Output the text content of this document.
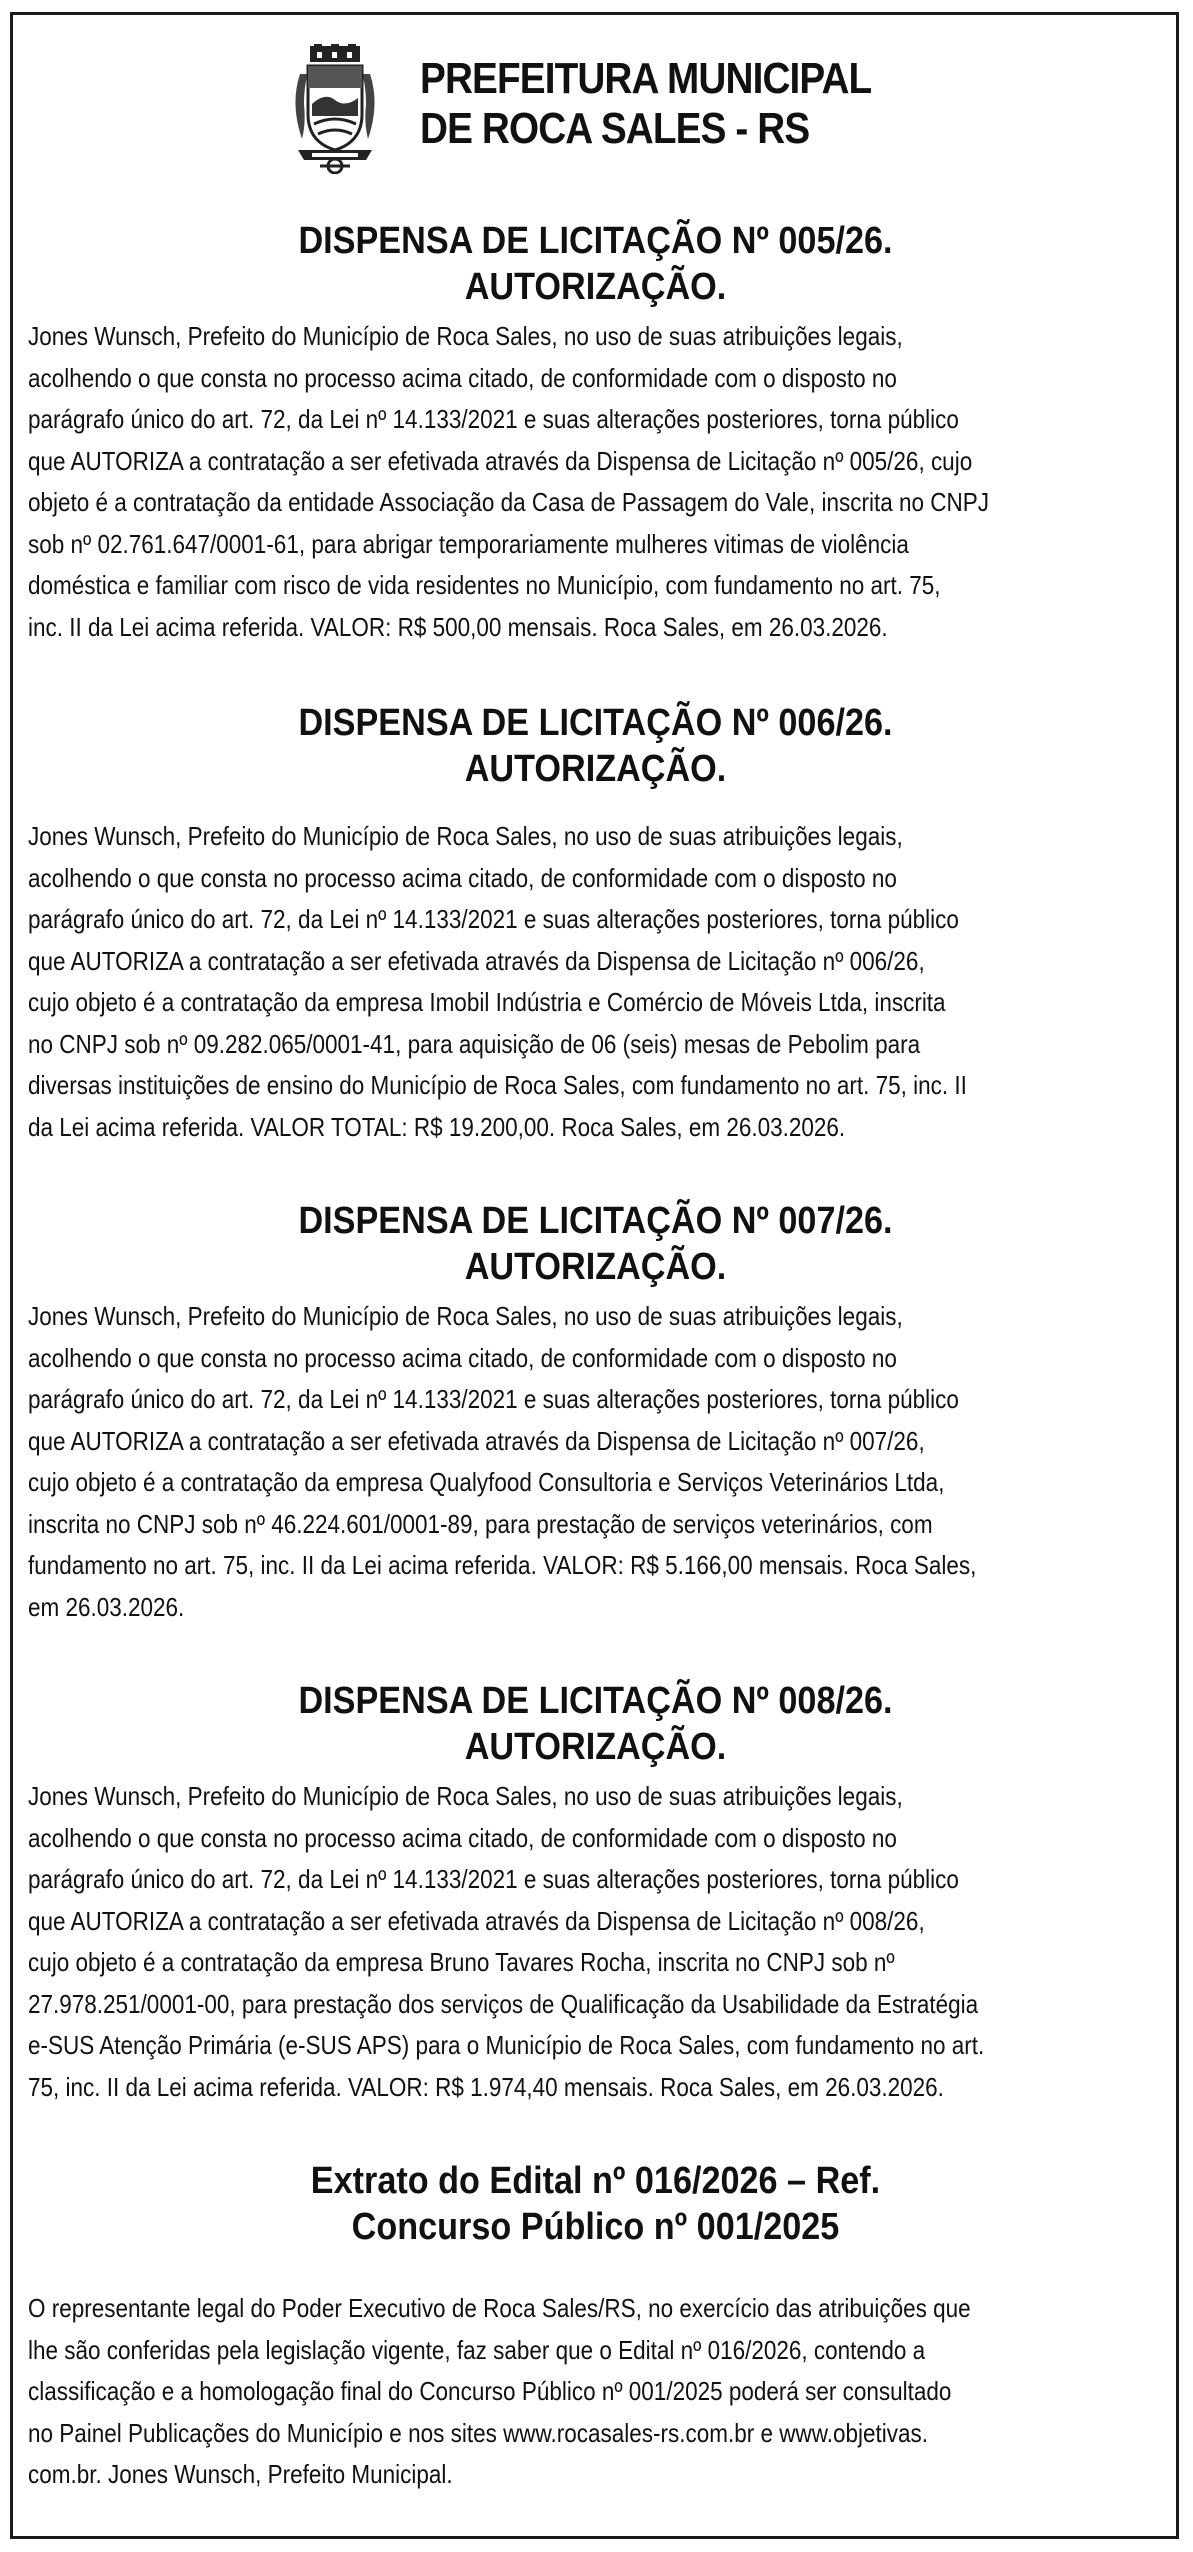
PREFEITURA MUNICIPAL
DE ROCA SALES - RS
DISPENSA DE LICITAÇÃO Nº 005/26.
AUTORIZAÇÃO.
Jones Wunsch, Prefeito do Município de Roca Sales, no uso de suas atribuições legais,
acolhendo o que consta no processo acima citado, de conformidade com o disposto no
parágrafo único do art. 72, da Lei nº 14.133/2021 e suas alterações posteriores, torna público
que AUTORIZA a contratação a ser efetivada através da Dispensa de Licitação nº 005/26, cujo
objeto é a contratação da entidade Associação da Casa de Passagem do Vale, inscrita no CNPJ
sob nº 02.761.647/0001-61, para abrigar temporariamente mulheres vitimas de violência
doméstica e familiar com risco de vida residentes no Município, com fundamento no art. 75,
inc. II da Lei acima referida. VALOR: R$ 500,00 mensais. Roca Sales, em 26.03.2026.
DISPENSA DE LICITAÇÃO Nº 006/26.
AUTORIZAÇÃO.
Jones Wunsch, Prefeito do Município de Roca Sales, no uso de suas atribuições legais,
acolhendo o que consta no processo acima citado, de conformidade com o disposto no
parágrafo único do art. 72, da Lei nº 14.133/2021 e suas alterações posteriores, torna público
que AUTORIZA a contratação a ser efetivada através da Dispensa de Licitação nº 006/26,
cujo objeto é a contratação da empresa Imobil Indústria e Comércio de Móveis Ltda, inscrita
no CNPJ sob nº 09.282.065/0001-41, para aquisição de 06 (seis) mesas de Pebolim para
diversas instituições de ensino do Município de Roca Sales, com fundamento no art. 75, inc. II
da Lei acima referida. VALOR TOTAL: R$ 19.200,00. Roca Sales, em 26.03.2026.
DISPENSA DE LICITAÇÃO Nº 007/26.
AUTORIZAÇÃO.
Jones Wunsch, Prefeito do Município de Roca Sales, no uso de suas atribuições legais,
acolhendo o que consta no processo acima citado, de conformidade com o disposto no
parágrafo único do art. 72, da Lei nº 14.133/2021 e suas alterações posteriores, torna público
que AUTORIZA a contratação a ser efetivada através da Dispensa de Licitação nº 007/26,
cujo objeto é a contratação da empresa Qualyfood Consultoria e Serviços Veterinários Ltda,
inscrita no CNPJ sob nº 46.224.601/0001-89, para prestação de serviços veterinários, com
fundamento no art. 75, inc. II da Lei acima referida. VALOR: R$ 5.166,00 mensais. Roca Sales,
em 26.03.2026.
DISPENSA DE LICITAÇÃO Nº 008/26.
AUTORIZAÇÃO.
Jones Wunsch, Prefeito do Município de Roca Sales, no uso de suas atribuições legais,
acolhendo o que consta no processo acima citado, de conformidade com o disposto no
parágrafo único do art. 72, da Lei nº 14.133/2021 e suas alterações posteriores, torna público
que AUTORIZA a contratação a ser efetivada através da Dispensa de Licitação nº 008/26,
cujo objeto é a contratação da empresa Bruno Tavares Rocha, inscrita no CNPJ sob nº
27.978.251/0001-00, para prestação dos serviços de Qualificação da Usabilidade da Estratégia
e-SUS Atenção Primária (e-SUS APS) para o Município de Roca Sales, com fundamento no art.
75, inc. II da Lei acima referida. VALOR: R$ 1.974,40 mensais. Roca Sales, em 26.03.2026.
Extrato do Edital nº 016/2026 – Ref.
Concurso Público nº 001/2025
O representante legal do Poder Executivo de Roca Sales/RS, no exercício das atribuições que
lhe são conferidas pela legislação vigente, faz saber que o Edital nº 016/2026, contendo a
classificação e a homologação final do Concurso Público nº 001/2025 poderá ser consultado
no Painel Publicações do Município e nos sites www.rocasales-rs.com.br e www.objetivas.
com.br. Jones Wunsch, Prefeito Municipal.
